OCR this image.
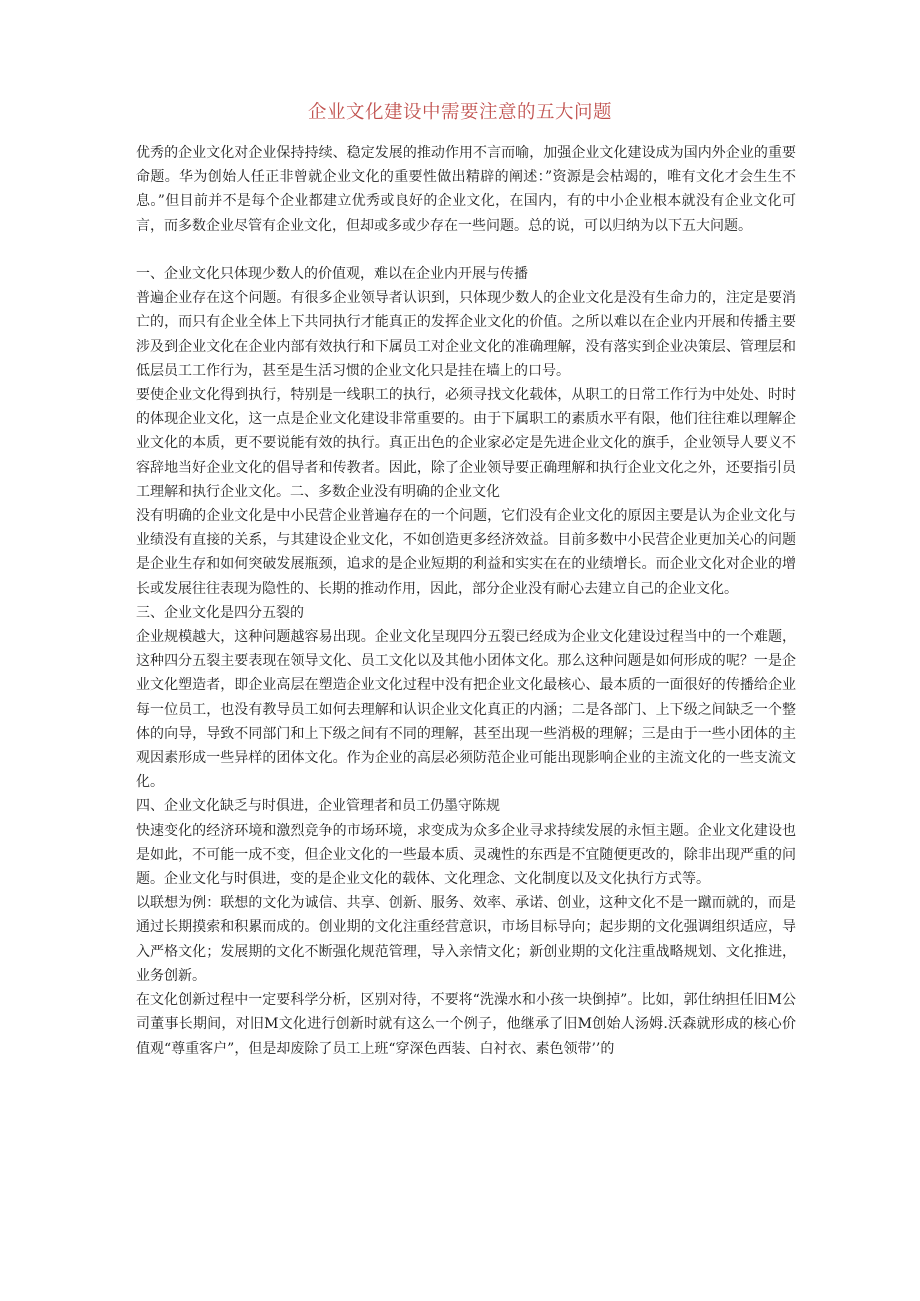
企业文化建设中需要注意的五大问题

优秀的企业文化对企业保持持续、稳定发展的推动作用不言而喻，加强企业文化建设成为国内外企业的重要命题。华为创始人任正非曾就企业文化的重要性做出精辟的阐述：”资源是会枯竭的，唯有文化才会生生不息。”但目前并不是每个企业都建立优秀或良好的企业文化，在国内，有的中小企业根本就没有企业文化可言，而多数企业尽管有企业文化，但却或多或少存在一些问题。总的说，可以归纳为以下五大问题。

一、企业文化只体现少数人的价值观，难以在企业内开展与传播

普遍企业存在这个问题。有很多企业领导者认识到，只体现少数人的企业文化是没有生命力的，注定是要消亡的，而只有企业全体上下共同执行才能真正的发挥企业文化的价值。之所以难以在企业内开展和传播主要涉及到企业文化在企业内部有效执行和下属员工对企业文化的准确理解，没有落实到企业决策层、管理层和低层员工工作行为，甚至是生活习惯的企业文化只是挂在墙上的口号。

要使企业文化得到执行，特别是一线职工的执行，必须寻找文化载体，从职工的日常工作行为中处处、时时的体现企业文化，这一点是企业文化建设非常重要的。由于下属职工的素质水平有限，他们往往难以理解企业文化的本质，更不要说能有效的执行。真正出色的企业家必定是先进企业文化的旗手，企业领导人要义不容辞地当好企业文化的倡导者和传教者。因此，除了企业领导要正确理解和执行企业文化之外，还要指引员工理解和执行企业文化。二、多数企业没有明确的企业文化

没有明确的企业文化是中小民营企业普遍存在的一个问题，它们没有企业文化的原因主要是认为企业文化与业绩没有直接的关系，与其建设企业文化，不如创造更多经济效益。目前多数中小民营企业更加关心的问题是企业生存和如何突破发展瓶颈，追求的是企业短期的利益和实实在在的业绩增长。而企业文化对企业的增长或发展往往表现为隐性的、长期的推动作用，因此，部分企业没有耐心去建立自己的企业文化。

三、企业文化是四分五裂的

企业规模越大，这种问题越容易出现。企业文化呈现四分五裂已经成为企业文化建设过程当中的一个难题，这种四分五裂主要表现在领导文化、员工文化以及其他小团体文化。那么这种问题是如何形成的呢？一是企业文化塑造者，即企业高层在塑造企业文化过程中没有把企业文化最核心、最本质的一面很好的传播给企业每一位员工，也没有教导员工如何去理解和认识企业文化真正的内涵；二是各部门、上下级之间缺乏一个整体的向导，导致不同部门和上下级之间有不同的理解，甚至出现一些消极的理解；三是由于一些小团体的主观因素形成一些异样的团体文化。作为企业的高层必须防范企业可能出现影响企业的主流文化的一些支流文化。

四、企业文化缺乏与时俱进，企业管理者和员工仍墨守陈规

快速变化的经济环境和激烈竞争的市场环境，求变成为众多企业寻求持续发展的永恒主题。企业文化建设也是如此，不可能一成不变，但企业文化的一些最本质、灵魂性的东西是不宜随便更改的，除非出现严重的问题。企业文化与时俱进，变的是企业文化的载体、文化理念、文化制度以及文化执行方式等。

以联想为例：联想的文化为诚信、共享、创新、服务、效率、承诺、创业，这种文化不是一蹴而就的，而是通过长期摸索和积累而成的。创业期的文化注重经营意识，市场目标导向；起步期的文化强调组织适应，导入严格文化；发展期的文化不断强化规范管理，导入亲情文化；新创业期的文化注重战略规划、文化推进，业务创新。

在文化创新过程中一定要科学分析，区别对待，不要将“洗澡水和小孩一块倒掉”。比如，郭仕纳担任旧M公司董事长期间，对旧M文化进行创新时就有这么一个例子，他继承了旧M创始人汤姆.沃森就形成的核心价值观“尊重客户”，但是却废除了员工上班“穿深色西装、白衬衣、素色领带’’的
